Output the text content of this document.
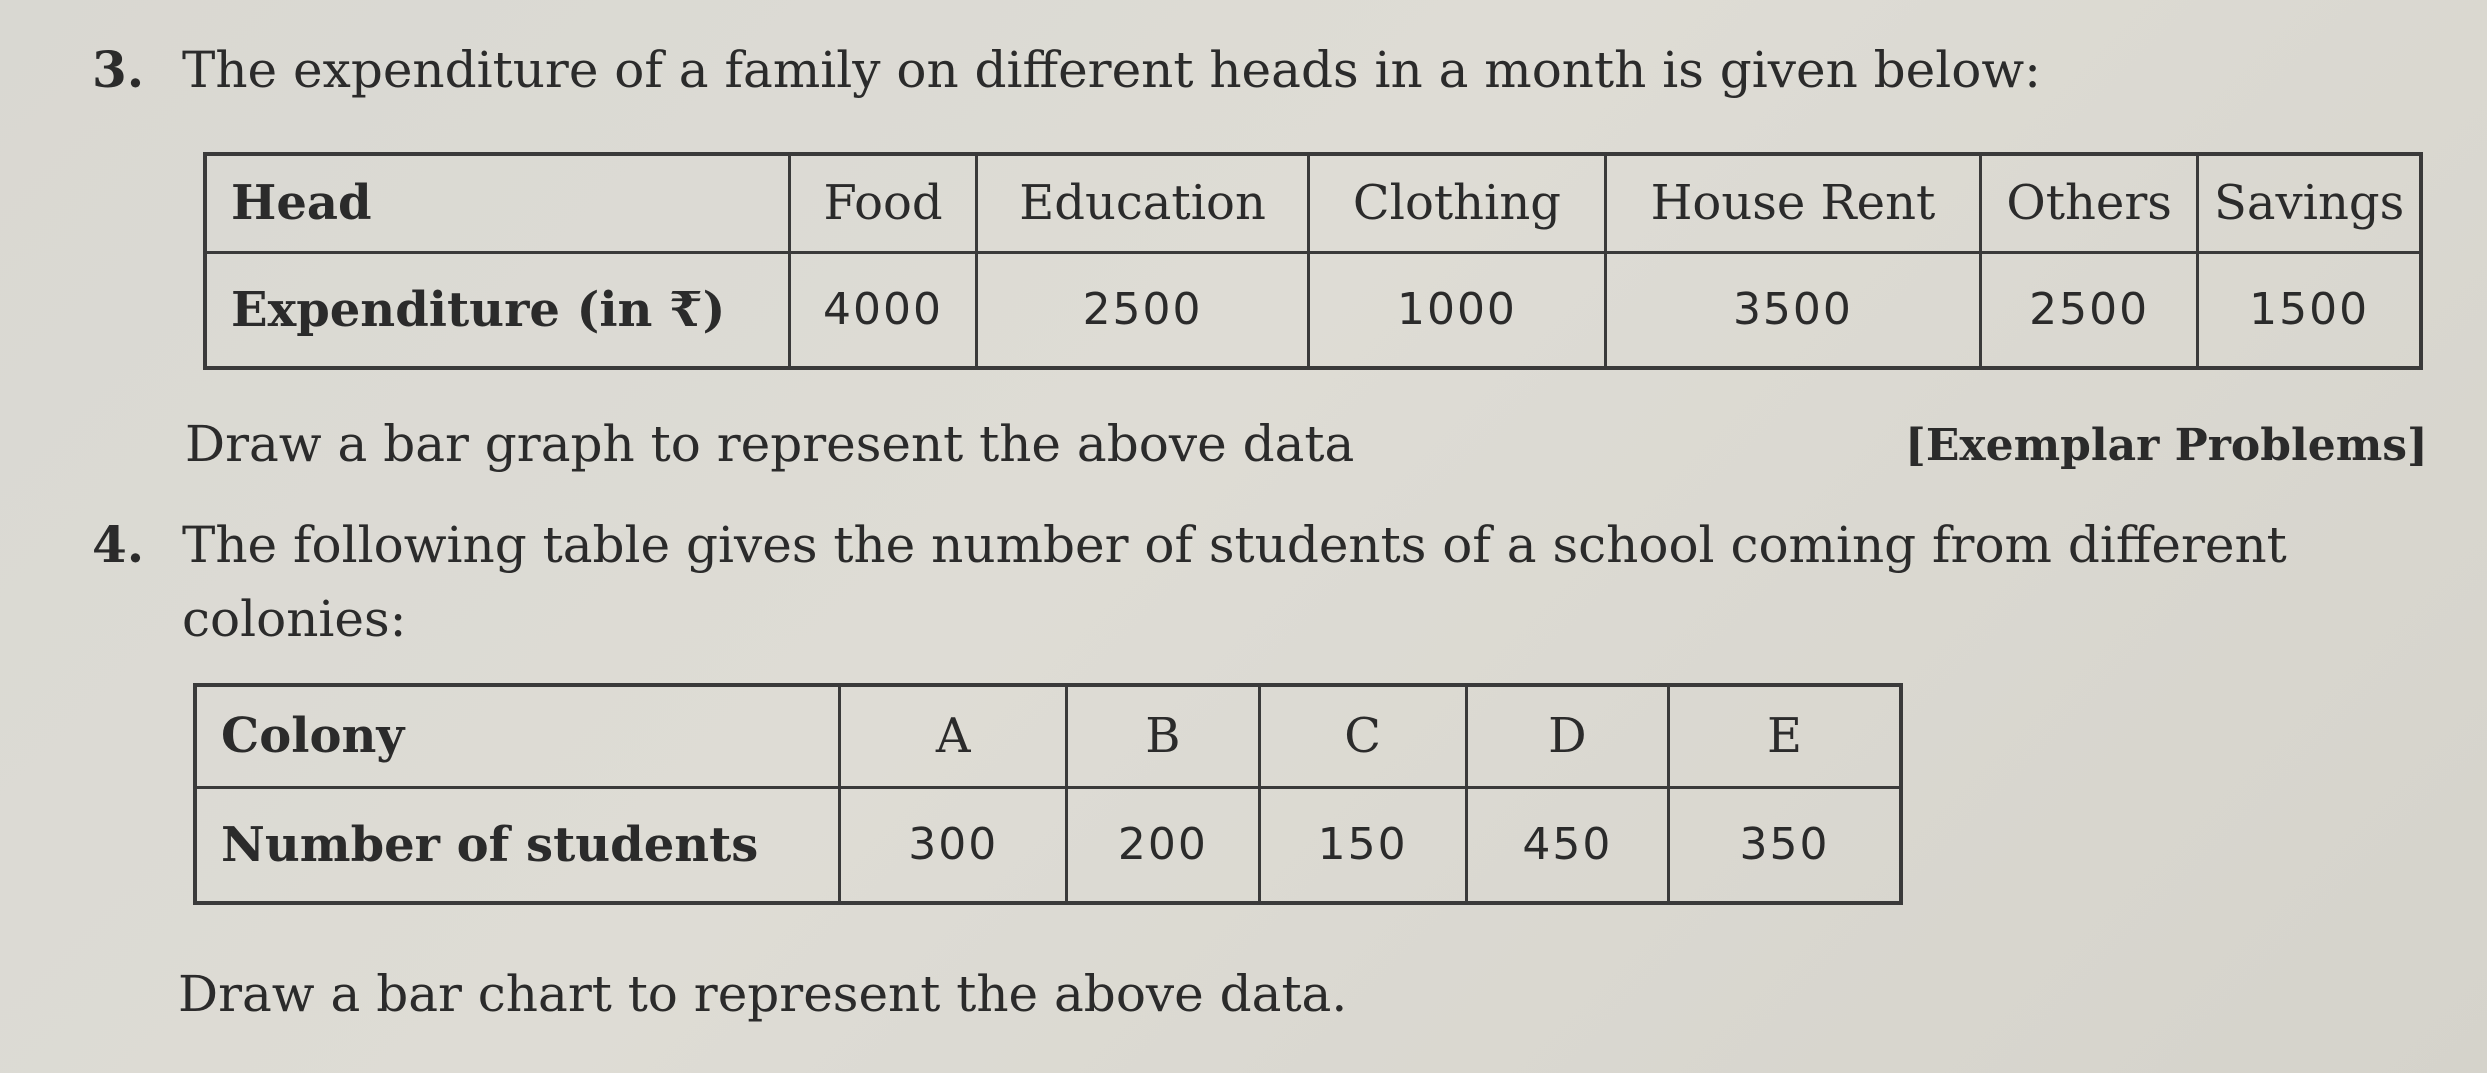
3. The expenditure of a family on different heads in a month is given below:
Head	Food	Education	Clothing	House Rent	Others	Savings
Expenditure (in ₹)	4000	2500	1000	3500	2500	1500
Draw a bar graph to represent the above data	[Exemplar Problems]
4. The following table gives the number of students of a school coming from different
colonies:
Colony	A	B	C	D	E
Number of students	300	200	150	450	350
Draw a bar chart to represent the above data.
